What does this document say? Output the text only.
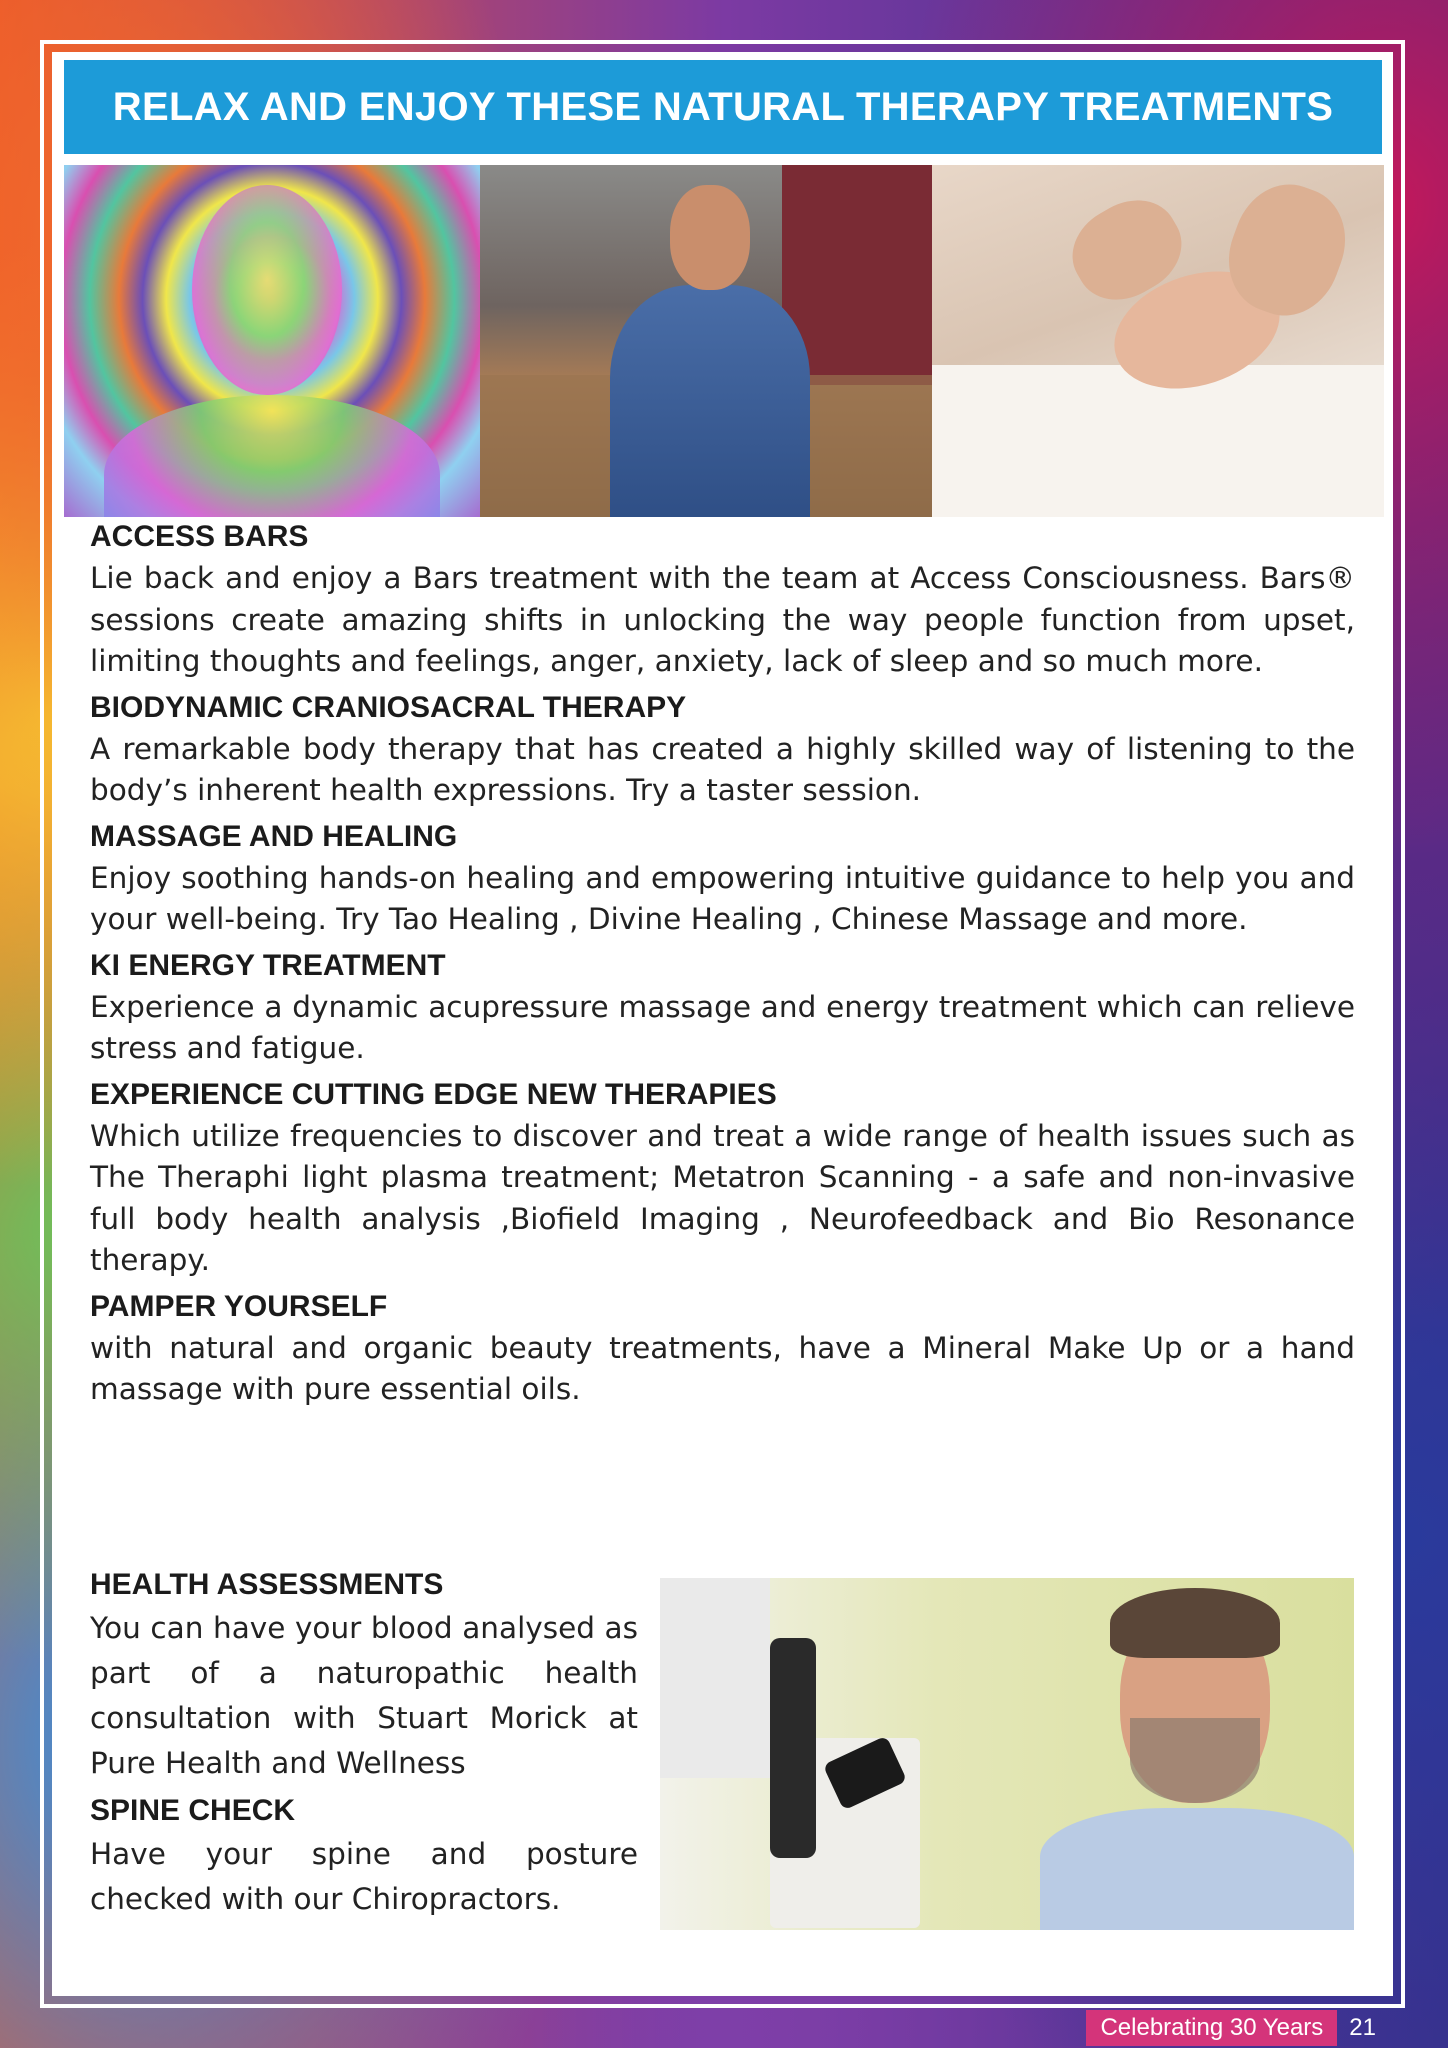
RELAX AND ENJOY THESE NATURAL THERAPY TREATMENTS
ACCESS BARS

Lie back and enjoy a Bars treatment with the team at Access Consciousness. Bars® sessions create amazing shifts in unlocking the way people function from upset, limiting thoughts and feelings, anger, anxiety, lack of sleep and so much more.

BIODYNAMIC CRANIOSACRAL THERAPY

A remarkable body therapy that has created a highly skilled way of listening to the body’s inherent health expressions. Try a taster session.

MASSAGE AND HEALING

Enjoy soothing hands-on healing and empowering intuitive guidance to help you and your well-being. Try Tao Healing , Divine Healing , Chinese Massage and more.

KI ENERGY TREATMENT

Experience a dynamic acupressure massage and energy treatment which can relieve stress and fatigue.

EXPERIENCE CUTTING EDGE NEW THERAPIES

Which utilize frequencies to discover and treat a wide range of health issues such as The Theraphi light plasma treatment; Metatron Scanning - a safe and non-invasive full body health analysis ,Biofield Imaging , Neurofeedback and Bio Resonance therapy.

PAMPER YOURSELF

with natural and organic beauty treatments, have a Mineral Make Up or a hand massage with pure essential oils.

HEALTH ASSESSMENTS

You can have your blood analysed as part of a naturopathic health consultation with Stuart Morick at Pure Health and Wellness

SPINE CHECK

Have your spine and posture checked with our Chiropractors.

Celebrating 30 Years	21
